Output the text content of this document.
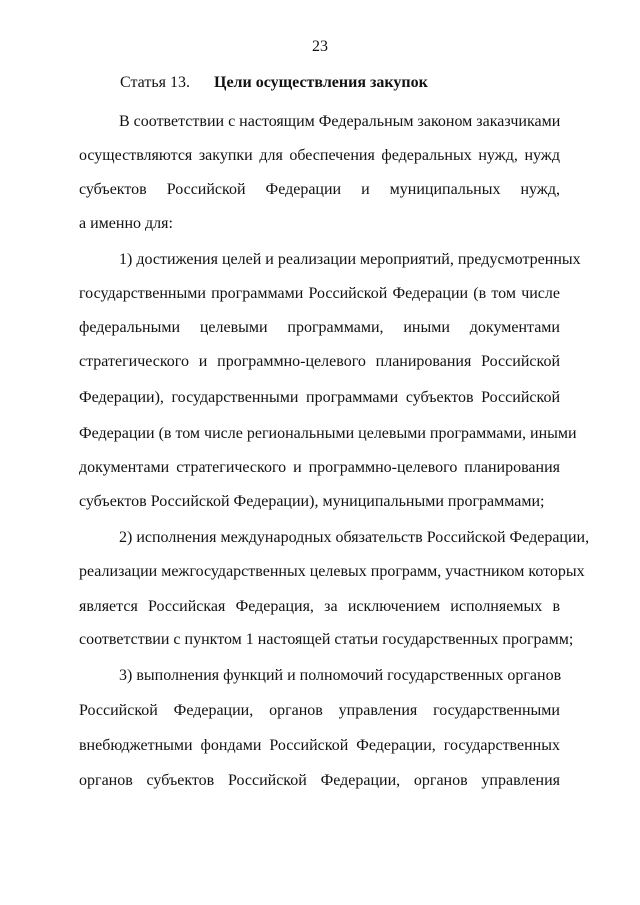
23
Статья 13. Цели осуществления закупок
В соответствии с настоящим Федеральным законом заказчиками
осуществляются закупки для обеспечения федеральных нужд, нужд
субъектов Российской Федерации и муниципальных нужд,
а именно для:
1) достижения целей и реализации мероприятий, предусмотренных
государственными программами Российской Федерации (в том числе
федеральными целевыми программами, иными документами
стратегического и программно-целевого планирования Российской
Федерации), государственными программами субъектов Российской
Федерации (в том числе региональными целевыми программами, иными
документами стратегического и программно-целевого планирования
субъектов Российской Федерации), муниципальными программами;
2) исполнения международных обязательств Российской Федерации,
реализации межгосударственных целевых программ, участником которых
является Российская Федерация, за исключением исполняемых в
соответствии с пунктом 1 настоящей статьи государственных программ;
3) выполнения функций и полномочий государственных органов
Российской Федерации, органов управления государственными
внебюджетными фондами Российской Федерации, государственных
органов субъектов Российской Федерации, органов управления
